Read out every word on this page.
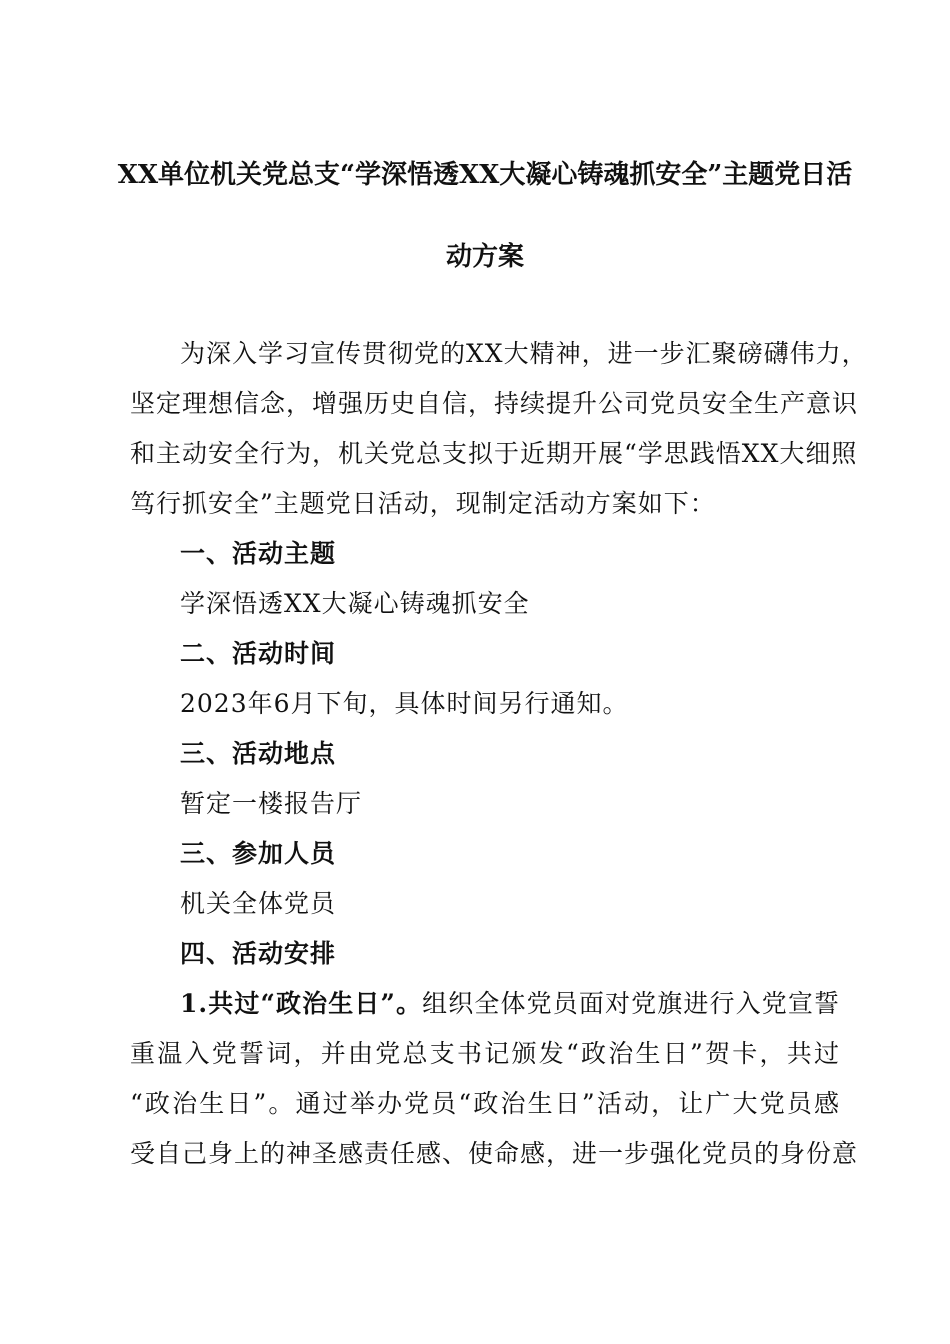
XX单位机关党总支“学深悟透XX大凝心铸魂抓安全”主题党日活
动方案
为深入学习宣传贯彻党的XX大精神，进一步汇聚磅礴伟力，
坚定理想信念，增强历史自信，持续提升公司党员安全生产意识
和主动安全行为，机关党总支拟于近期开展“学思践悟XX大细照
笃行抓安全”主题党日活动，现制定活动方案如下：
一、活动主题
学深悟透XX大凝心铸魂抓安全
二、活动时间
2023年6月下旬，具体时间另行通知。
三、活动地点
暂定一楼报告厅
三、参加人员
机关全体党员
四、活动安排
1.共过“政治生日”。组织全体党员面对党旗进行入党宣誓
重温入党誓词，并由党总支书记颁发“政治生日”贺卡，共过
“政治生日”。通过举办党员“政治生日”活动，让广大党员感
受自己身上的神圣感责任感、使命感，进一步强化党员的身份意
